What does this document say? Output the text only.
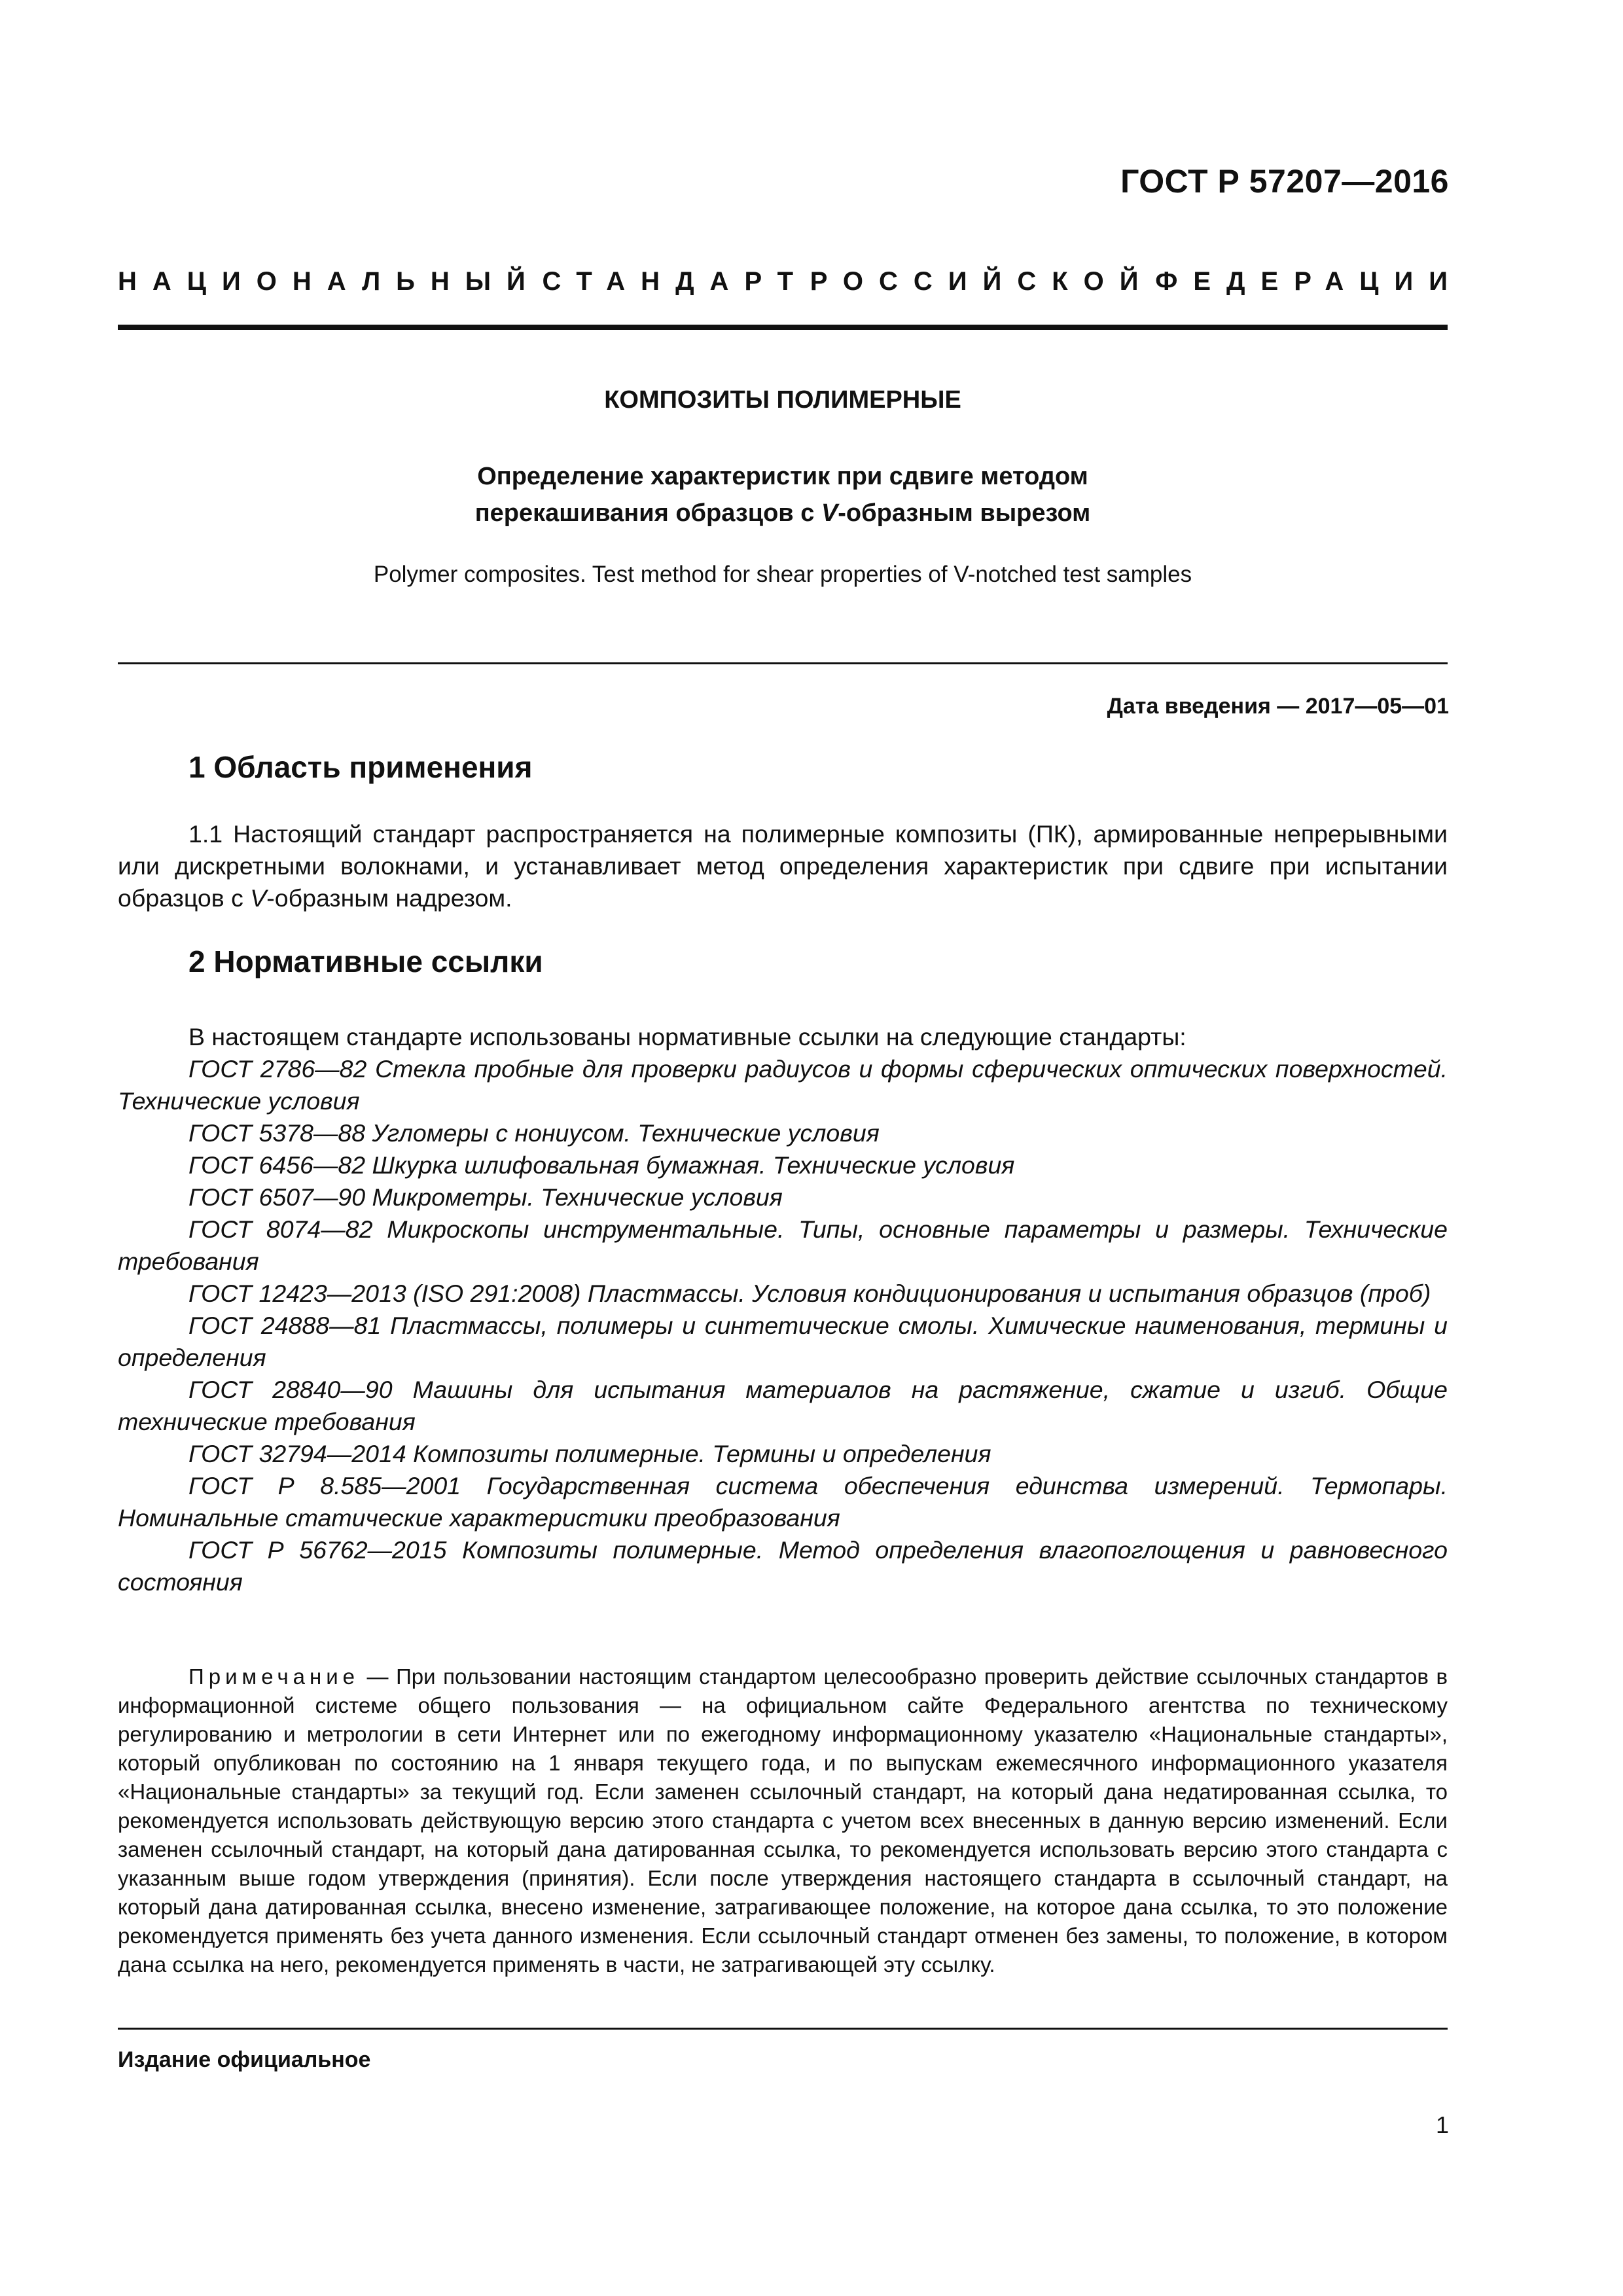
ГОСТ Р 57207—2016
НАЦИОНАЛЬНЫЙ СТАНДАРТ РОССИЙСКОЙ ФЕДЕРАЦИИ
КОМПОЗИТЫ ПОЛИМЕРНЫЕ
Определение характеристик при сдвиге методом
перекашивания образцов с V-образным вырезом
Polymer composites. Test method for shear properties of V-notched test samples
Дата введения — 2017—05—01
1 Область применения
1.1 Настоящий стандарт распространяется на полимерные композиты (ПК), армированные непрерывными или дискретными волокнами, и устанавливает метод определения характеристик при сдвиге при испытании образцов с V-образным надрезом.
2 Нормативные ссылки

В настоящем стандарте использованы нормативные ссылки на следующие стандарты:

ГОСТ 2786—82 Стекла пробные для проверки радиусов и формы сферических оптических поверхностей. Технические условия

ГОСТ 5378—88 Угломеры с нониусом. Технические условия

ГОСТ 6456—82 Шкурка шлифовальная бумажная. Технические условия

ГОСТ 6507—90 Микрометры. Технические условия

ГОСТ 8074—82 Микроскопы инструментальные. Типы, основные параметры и размеры. Технические требования

ГОСТ 12423—2013 (ISO 291:2008) Пластмассы. Условия кондиционирования и испытания образцов (проб)

ГОСТ 24888—81 Пластмассы, полимеры и синтетические смолы. Химические наименования, термины и определения

ГОСТ 28840—90 Машины для испытания материалов на растяжение, сжатие и изгиб. Общие технические требования

ГОСТ 32794—2014 Композиты полимерные. Термины и определения

ГОСТ Р 8.585—2001 Государственная система обеспечения единства измерений. Термопары. Номинальные статические характеристики преобразования

ГОСТ Р 56762—2015 Композиты полимерные. Метод определения влагопоглощения и равновесного состояния

Примечание — При пользовании настоящим стандартом целесообразно проверить действие ссылочных стандартов в информационной системе общего пользования — на официальном сайте Федерального агентства по техническому регулированию и метрологии в сети Интернет или по ежегодному информационному указателю «Национальные стандарты», который опубликован по состоянию на 1 января текущего года, и по выпускам ежемесячного информационного указателя «Национальные стандарты» за текущий год. Если заменен ссылочный стандарт, на который дана недатированная ссылка, то рекомендуется использовать действующую версию этого стандарта с учетом всех внесенных в данную версию изменений. Если заменен ссылочный стандарт, на который дана датированная ссылка, то рекомендуется использовать версию этого стандарта с указанным выше годом утверждения (принятия). Если после утверждения настоящего стандарта в ссылочный стандарт, на который дана датированная ссылка, внесено изменение, затрагивающее положение, на которое дана ссылка, то это положение рекомендуется применять без учета данного изменения. Если ссылочный стандарт отменен без замены, то положение, в котором дана ссылка на него, рекомендуется применять в части, не затрагивающей эту ссылку.
Издание официальное
1
